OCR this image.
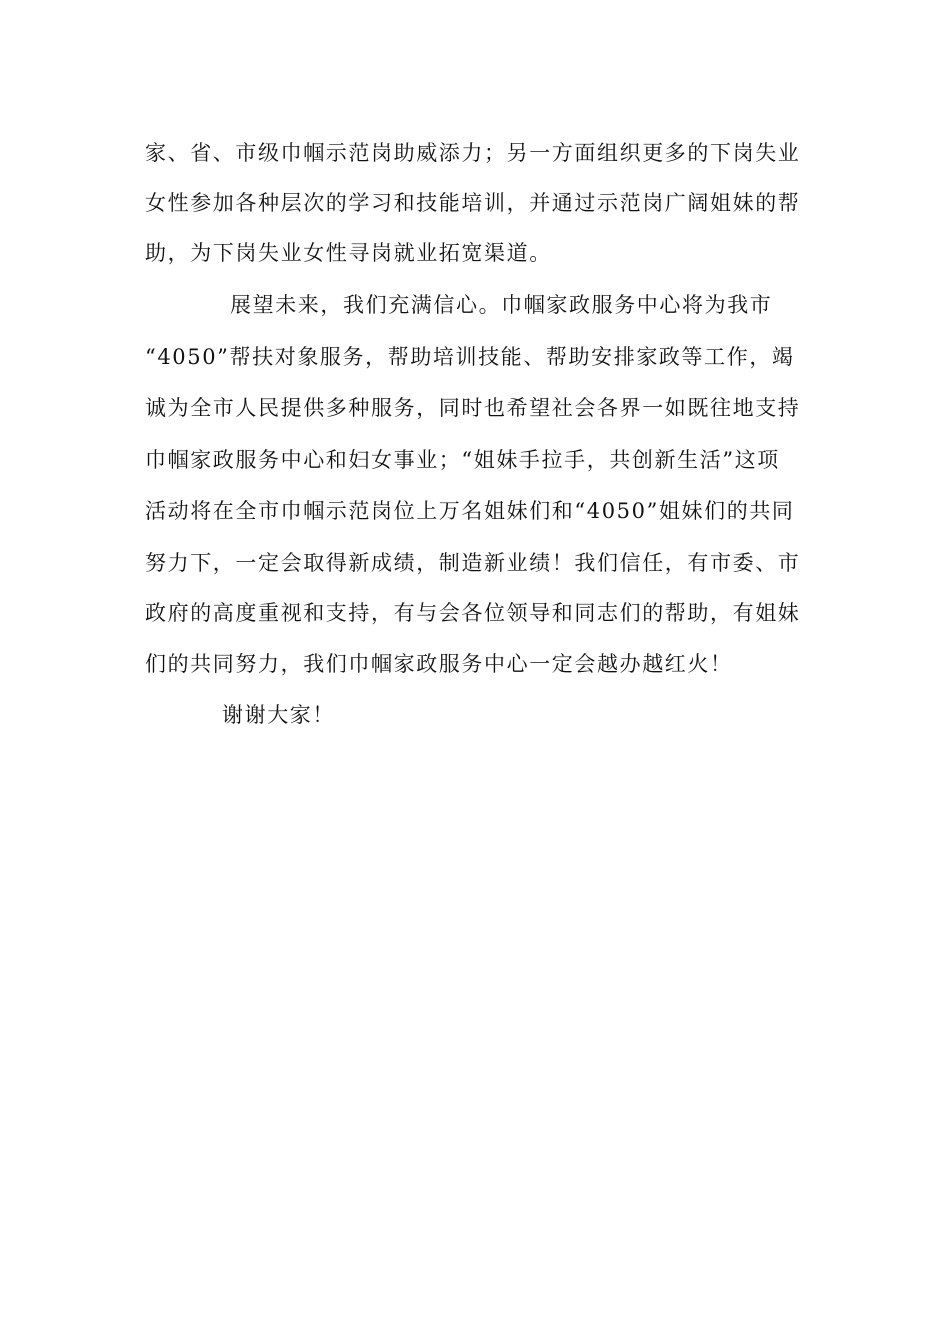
家、省、市级巾帼示范岗助威添力；另一方面组织更多的下岗失业
女性参加各种层次的学习和技能培训，并通过示范岗广阔姐妹的帮
助，为下岗失业女性寻岗就业拓宽渠道。
展望未来，我们充满信心。巾帼家政服务中心将为我市
“4050”帮扶对象服务，帮助培训技能、帮助安排家政等工作，竭
诚为全市人民提供多种服务，同时也希望社会各界一如既往地支持
巾帼家政服务中心和妇女事业；“姐妹手拉手，共创新生活”这项
活动将在全市巾帼示范岗位上万名姐妹们和“4050”姐妹们的共同
努力下，一定会取得新成绩，制造新业绩！我们信任，有市委、市
政府的高度重视和支持，有与会各位领导和同志们的帮助，有姐妹
们的共同努力，我们巾帼家政服务中心一定会越办越红火！
谢谢大家！
